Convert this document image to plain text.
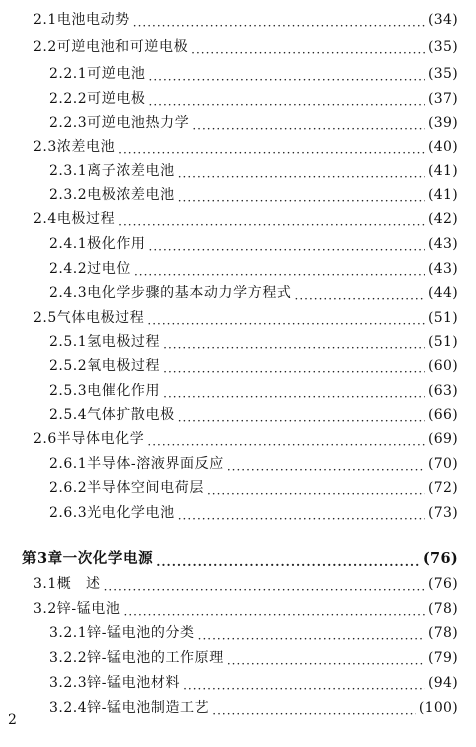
2.1 电池电动势 ·····	(34)
2.2 可逆电池和可逆电极 ·····	(35)
2.2.1 可逆电池 ·····	(35)
2.2.2 可逆电极 ·····	(37)
2.2.3 可逆电池热力学 ·····	(39)
2.3 浓差电池 ·····	(40)
2.3.1 离子浓差电池 ·····	(41)
2.3.2 电极浓差电池 ·····	(41)
2.4 电极过程 ·····	(42)
2.4.1 极化作用 ·····	(43)
2.4.2 过电位 ·····	(43)
2.4.3 电化学步骤的基本动力学方程式 ·····	(44)
2.5 气体电极过程 ·····	(51)
2.5.1 氢电极过程 ·····	(51)
2.5.2 氧电极过程 ·····	(60)
2.5.3 电催化作用 ·····	(63)
2.5.4 气体扩散电极 ·····	(66)
2.6 半导体电化学 ·····	(69)
2.6.1 半导体-溶液界面反应 ·····	(70)
2.6.2 半导体空间电荷层 ·····	(72)
2.6.3 光电化学电池 ·····	(73)
第3章 一次化学电源 ·····	(76)
3.1 概　述 ·····	(76)
3.2 锌-锰电池 ·····	(78)
3.2.1 锌-锰电池的分类 ·····	(78)
3.2.2 锌-锰电池的工作原理 ·····	(79)
3.2.3 锌-锰电池材料 ·····	(94)
3.2.4 锌-锰电池制造工艺 ·····	(100)
2
